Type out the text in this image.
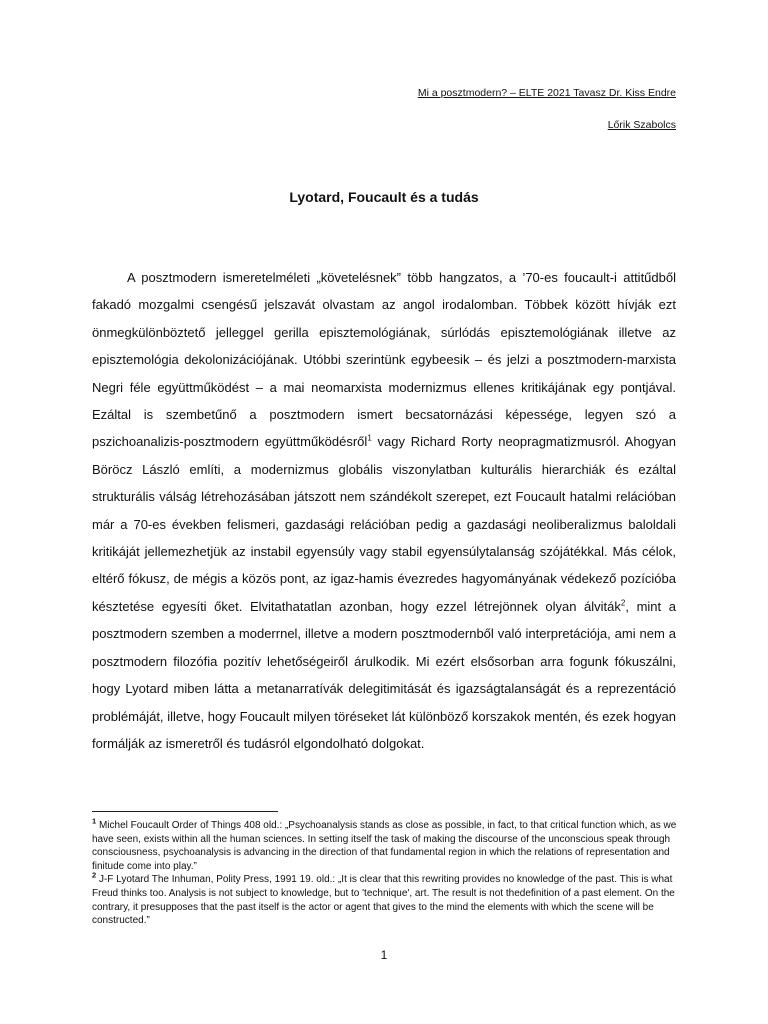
Mi a posztmodern? – ELTE 2021 Tavasz Dr. Kiss Endre
Lőrik Szabolcs
Lyotard, Foucault és a tudás
A posztmodern ismeretelméleti „követelésnek” több hangzatos, a ’70-es foucault-i attitűdből fakadó mozgalmi csengésű jelszavát olvastam az angol irodalomban. Többek között hívják ezt önmegkülönböztető jelleggel gerilla episztemológiának, súrlódás episztemológiának illetve az episztemológia dekolonizációjának. Utóbbi szerintünk egybeesik – és jelzi a posztmodern-marxista Negri féle együttműködést – a mai neomarxista modernizmus ellenes kritikájának egy pontjával. Ezáltal is szembetűnő a posztmodern ismert becsatornázási képessége, legyen szó a pszichoanalizis-posztmodern együttműködésről$^1$ vagy Richard Rorty neopragmatizmusról. Ahogyan Böröcz László említi, a modernizmus globális viszonylatban kulturális hierarchiák és ezáltal strukturális válság létrehozásában játszott nem szándékolt szerepet, ezt Foucault hatalmi relációban már a 70-es években felismeri, gazdasági relációban pedig a gazdasági neoliberalizmus baloldali kritikáját jellemezhetjük az instabil egyensúly vagy stabil egyensúlytalanság szójátékkal. Más célok, eltérő fókusz, de mégis a közös pont, az igaz-hamis évezredes hagyományának védekező pozícióba késztetése egyesíti őket. Elvitathatatlan azonban, hogy ezzel létrejönnek olyan álviták$^2$, mint a posztmodern szemben a moderrnel, illetve a modern posztmodernből való interpretációja, ami nem a posztmodern filozófia pozitív lehetőségeiről árulkodik. Mi ezért elsősorban arra fogunk fókuszálni, hogy Lyotard miben látta a metanarratívák delegitimitását és igazságtalanságát és a reprezentáció problémáját, illetve, hogy Foucault milyen töréseket lát különböző korszakok mentén, és ezek hogyan formálják az ismeretről és tudásról elgondolható dolgokat.

$^1$ Michel Foucault Order of Things 408 old.: „Psychoanalysis stands as close as possible, in fact, to that critical function which, as we have seen, exists within all the human sciences. In setting itself the task of making the discourse of the unconscious speak through consciousness, psychoanalysis is advancing in the direction of that fundamental region in which the relations of representation and finitude come into play.”

$^2$ J-F Lyotard The Inhuman, Polity Press, 1991 19. old.: „It is clear that this rewriting provides no knowledge of the past. This is what Freud thinks too. Analysis is not subject to knowledge, but to 'technique', art. The result is not thedefinition of a past element. On the contrary, it presupposes that the past itself is the actor or agent that gives to the mind the elements with which the scene will be constructed.”

1
